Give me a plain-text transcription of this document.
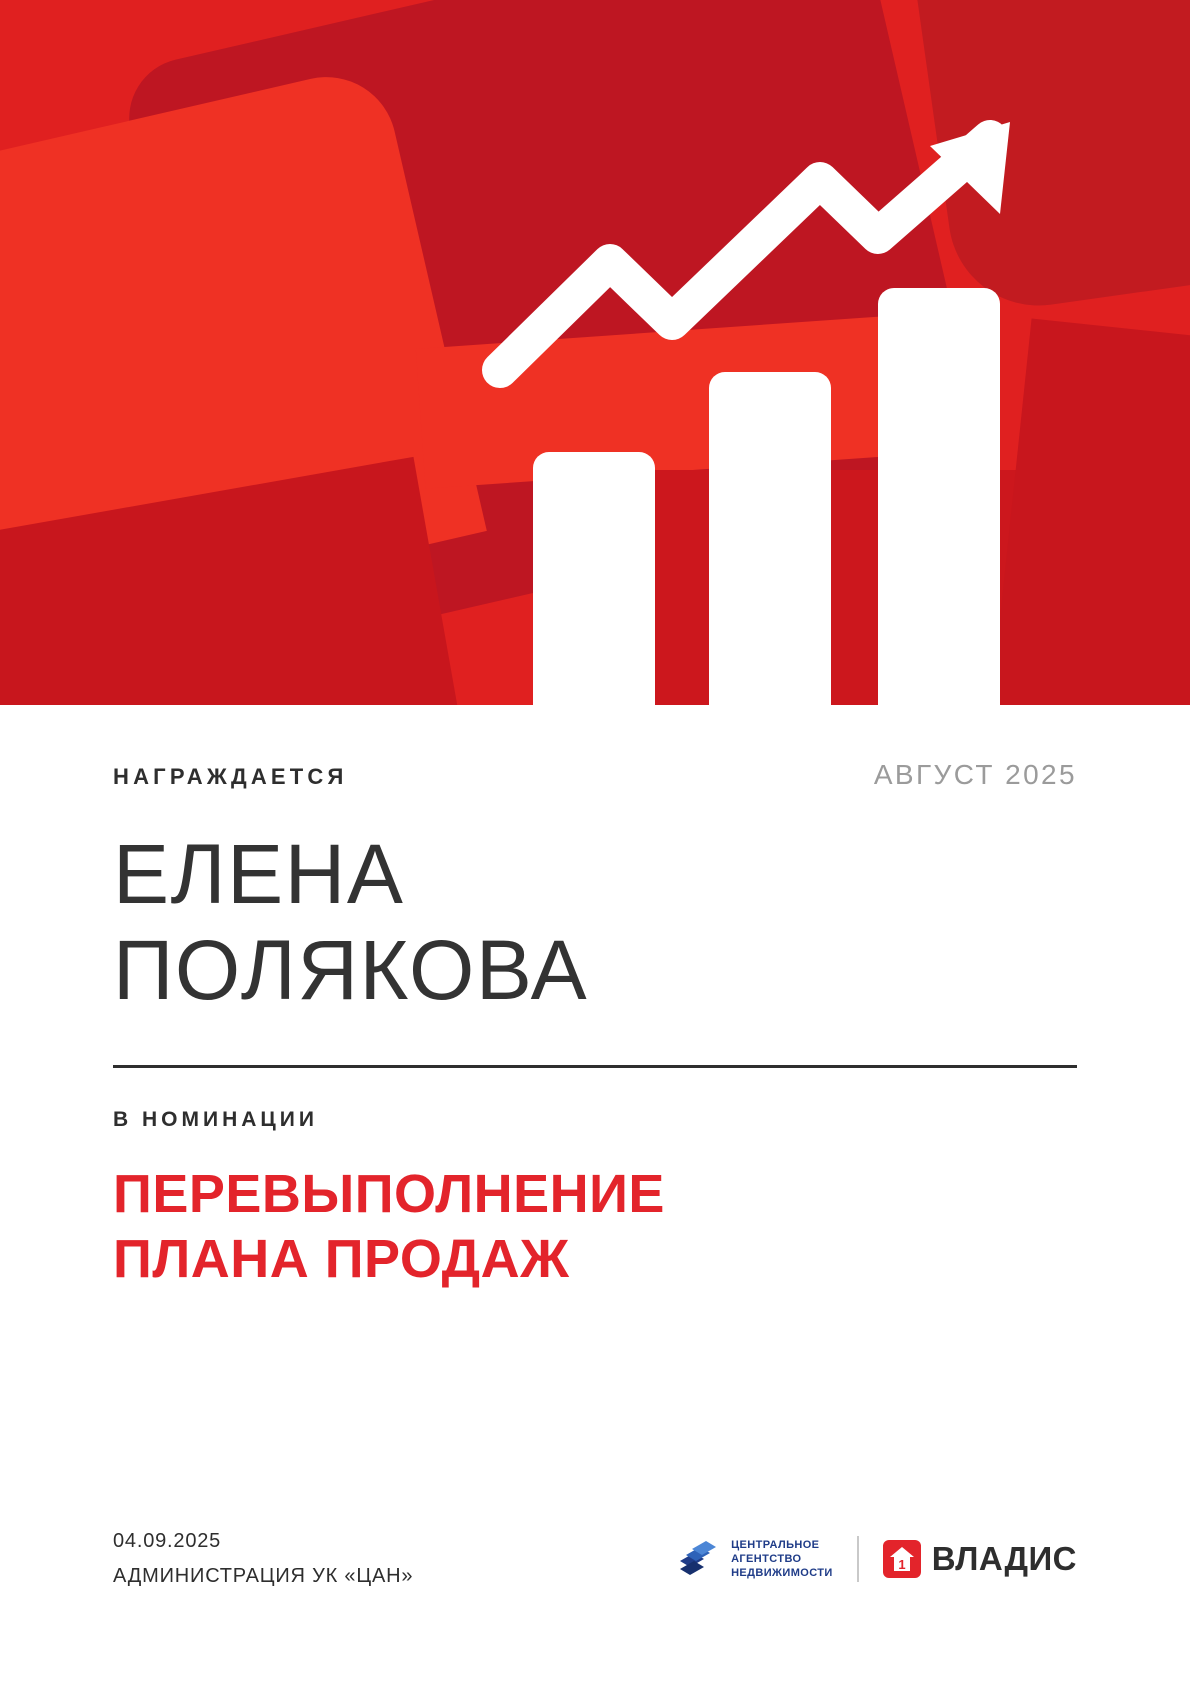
НАГРАЖДАЕТСЯ	АВГУСТ 2025
ЕЛЕНА
ПОЛЯКОВА
В НОМИНАЦИИ
ПЕРЕВЫПОЛНЕНИЕ
ПЛАНА ПРОДАЖ
04.09.2025
АДМИНИСТРАЦИЯ УК «ЦАН»
ЦЕНТРАЛЬНОЕ
АГЕНТСТВО
НЕДВИЖИМОСТИ
1 ВЛАДИС
